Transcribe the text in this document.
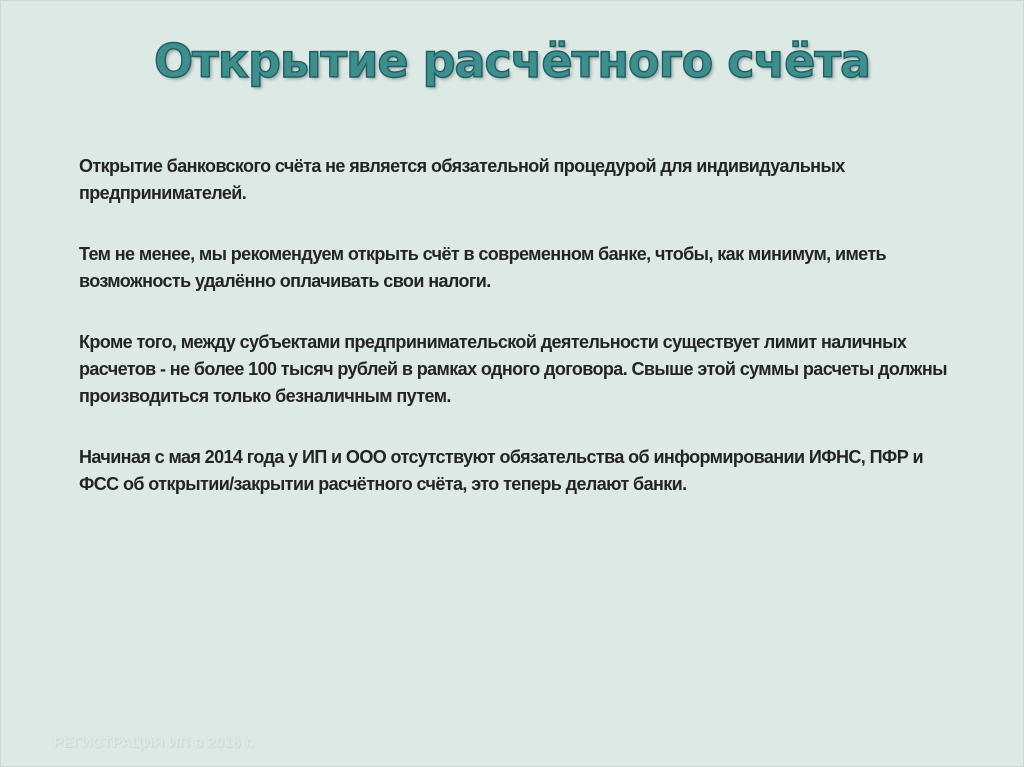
Открытие расчётного счёта

Открытие банковского счёта не является обязательной процедурой для индивидуальных предпринимателей.

Тем не менее, мы рекомендуем открыть счёт в современном банке, чтобы, как минимум, иметь возможность удалённо оплачивать свои налоги.

Кроме того, между субъектами предпринимательской деятельности существует лимит наличных расчетов - не более 100 тысяч рублей в рамках одного договора. Свыше этой суммы расчеты должны производиться только безналичным путем.

Начиная с мая 2014 года у ИП и ООО отсутствуют обязательства об информировании ИФНС, ПФР и ФСС об открытии/закрытии расчётного счёта, это теперь делают банки.

РЕГИСТРАЦИЯ ИП в 2018 г.
